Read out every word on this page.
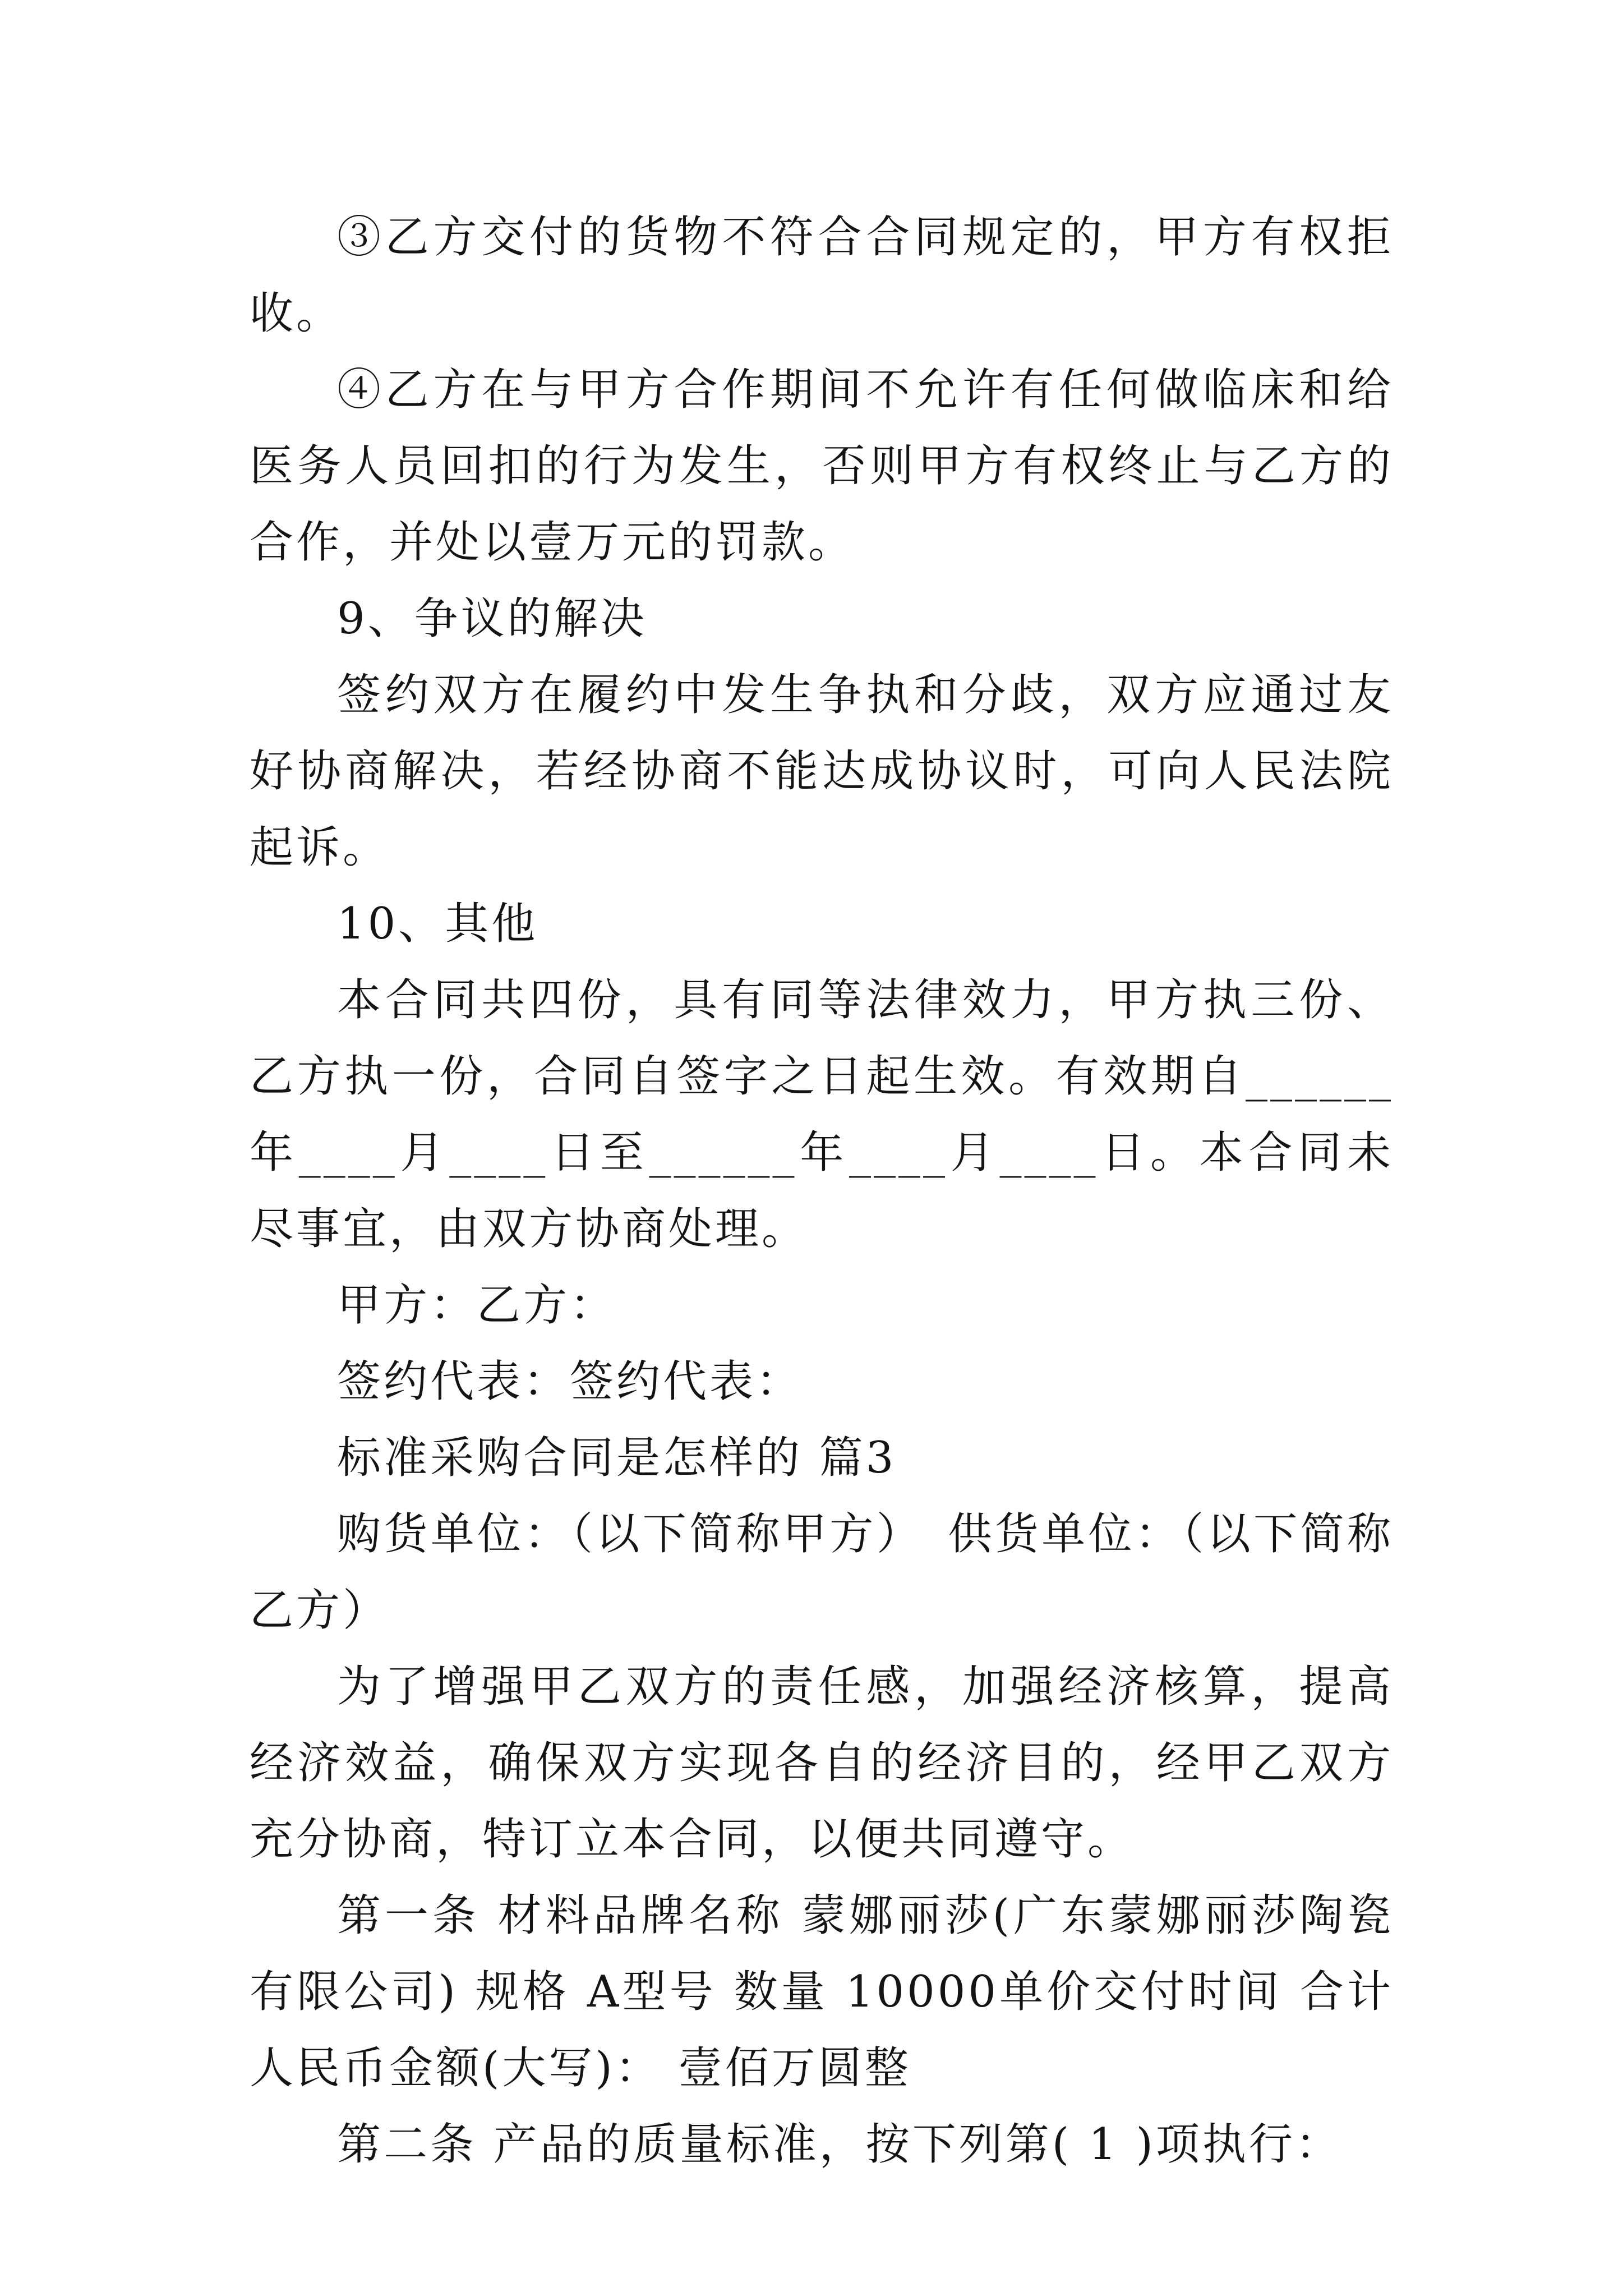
③乙方交付的货物不符合合同规定的，甲方有权拒收。

④乙方在与甲方合作期间不允许有任何做临床和给医务人员回扣的行为发生，否则甲方有权终止与乙方的合作，并处以壹万元的罚款。

9、争议的解决

签约双方在履约中发生争执和分歧，双方应通过友好协商解决，若经协商不能达成协议时，可向人民法院起诉。

10、其他

本合同共四份，具有同等法律效力，甲方执三份、乙方执一份，合同自签字之日起生效。有效期自______年____月____日至______年____月____日。本合同未尽事宜，由双方协商处理。

甲方：乙方：

签约代表：签约代表：

标准采购合同是怎样的 篇3

购货单位：（以下简称甲方）　供货单位：（以下简称乙方）

为了增强甲乙双方的责任感，加强经济核算，提高经济效益，确保双方实现各自的经济目的，经甲乙双方充分协商，特订立本合同，以便共同遵守。

第一条 材料品牌名称 蒙娜丽莎(广东蒙娜丽莎陶瓷有限公司) 规格 A型号 数量 10000单价交付时间 合计人民币金额(大写)： 壹佰万圆整

第二条 产品的质量标准，按下列第( 1 )项执行：
